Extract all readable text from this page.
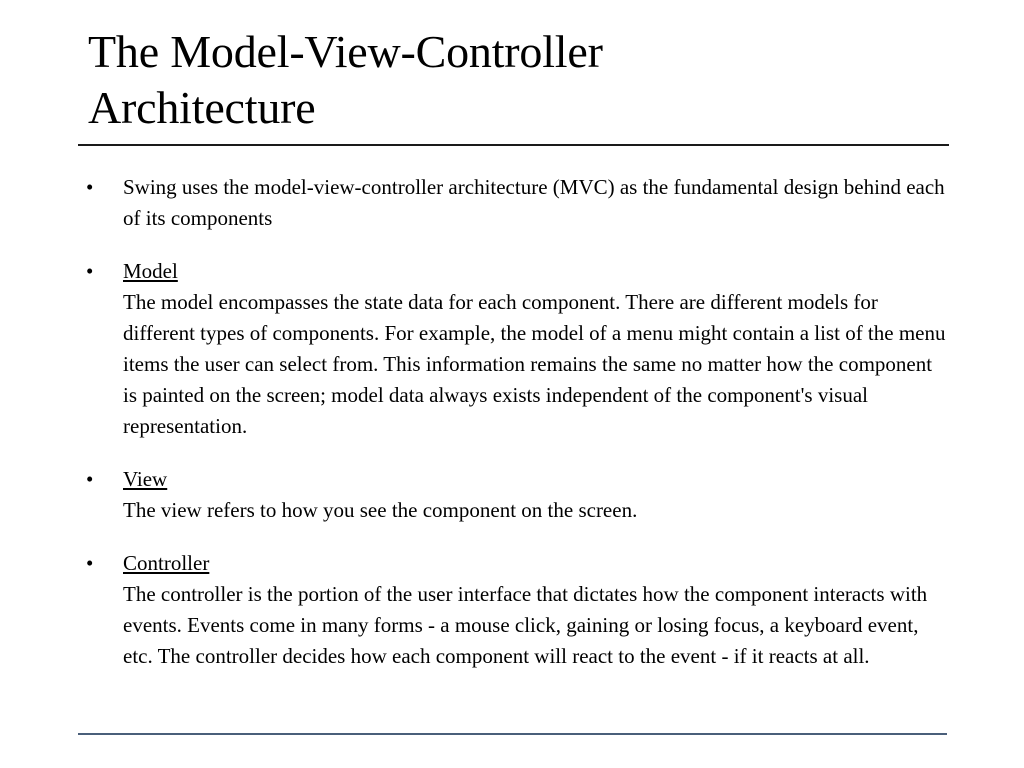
The Model-View-Controller
Architecture
• Swing uses the model-view-controller architecture (MVC) as the fundamental design behind each of its components
• Model
The model encompasses the state data for each component. There are different models for different types of components. For example, the model of a menu might contain a list of the menu items the user can select from. This information remains the same no matter how the component is painted on the screen; model data always exists independent of the component's visual representation.
• View
The view refers to how you see the component on the screen.
• Controller
The controller is the portion of the user interface that dictates how the component interacts with events. Events come in many forms - a mouse click, gaining or losing focus, a keyboard event, etc. The controller decides how each component will react to the event - if it reacts at all.
